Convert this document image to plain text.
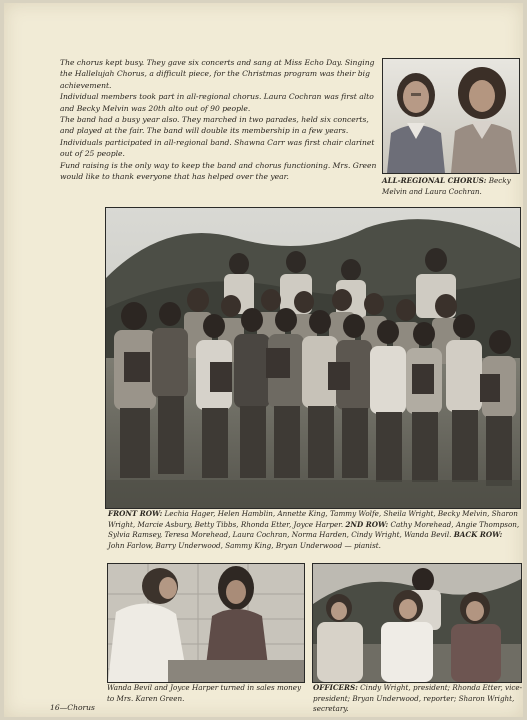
The chorus kept busy. They gave six concerts and sang at Miss Echo Day. Singing the Hallelujah Chorus, a difficult piece, for the Christmas program was their big achievement.

Individual members took part in all-regional chorus. Laura Cochran was first alto and Becky Melvin was 20th alto out of 90 people.

The band had a busy year also. They marched in two parades, held six concerts, and played at the fair. The band will double its membership in a few years.

Individuals participated in all-regional band. Shawna Carr was first chair clarinet out of 25 people.

Fund raising is the only way to keep the band and chorus functioning. Mrs. Green would like to thank everyone that has helped over the year.	ALL-REGIONAL CHORUS: Becky Melvin and Laura Cochran.
FRONT ROW: Lechia Hager, Helen Hamblin, Annette King, Tammy Wolfe, Sheila Wright, Becky Melvin, Sharon Wright, Marcie Asbury, Betty Tibbs, Rhonda Etter, Joyce Harper. 2ND ROW: Cathy Morehead, Angie Thompson, Sylvia Ramsey, Teresa Morehead, Laura Cochran, Norma Harden, Cindy Wright, Wanda Bevil. BACK ROW: John Farlow, Barry Underwood, Sammy King, Bryan Underwood — pianist.
Wanda Bevil and Joyce Harper turned in sales money to Mrs. Karen Green.
OFFICERS: Cindy Wright, president; Rhonda Etter, vice-president; Bryan Underwood, reporter; Sharon Wright, secretary.
16—Chorus
